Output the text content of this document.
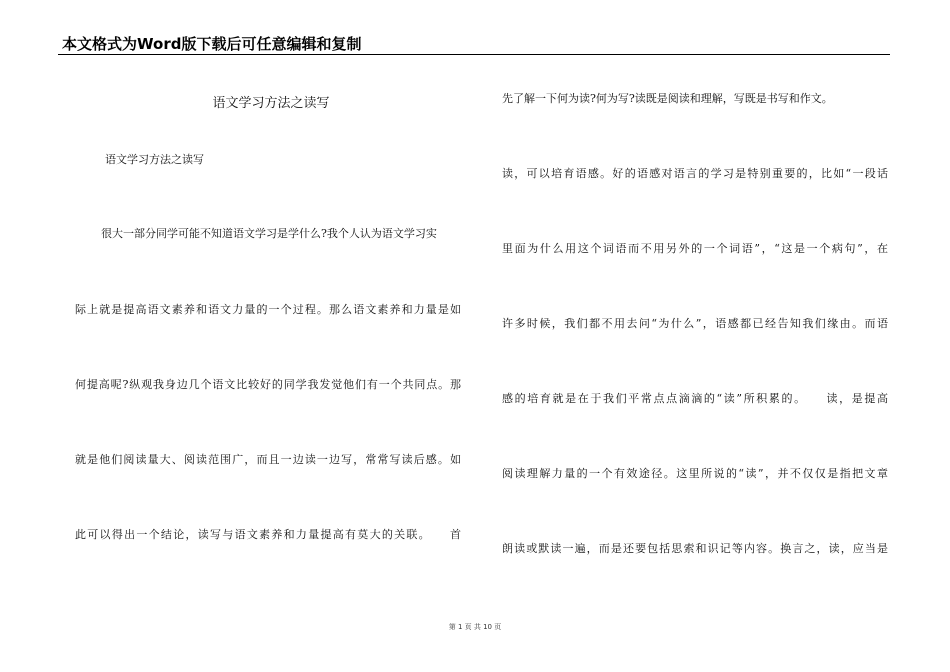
本文格式为Word版下载后可任意编辑和复制
语文学习方法之读写
语文学习方法之读写
很大一部分同学可能不知道语文学习是学什么?我个人认为语文学习实
际上就是提高语文素养和语文力量的一个过程。那么语文素养和力量是如
何提高呢?纵观我身边几个语文比较好的同学我发觉他们有一个共同点。那
就是他们阅读量大、阅读范围广，而且一边读一边写，常常写读后感。如
此可以得出一个结论，读写与语文素养和力量提高有莫大的关联。　　首
先了解一下何为读?何为写?读既是阅读和理解，写既是书写和作文。
读，可以培育语感。好的语感对语言的学习是特别重要的，比如“一段话
里面为什么用这个词语而不用另外的一个词语”，“这是一个病句”，在
许多时候，我们都不用去问“为什么”，语感都已经告知我们缘由。而语
感的培育就是在于我们平常点点滴滴的“读”所积累的。　　读，是提高
阅读理解力量的一个有效途径。这里所说的“读”，并不仅仅是指把文章
朗读或默读一遍，而是还要包括思索和识记等内容。换言之，读，应当是
第 1 页 共 10 页
